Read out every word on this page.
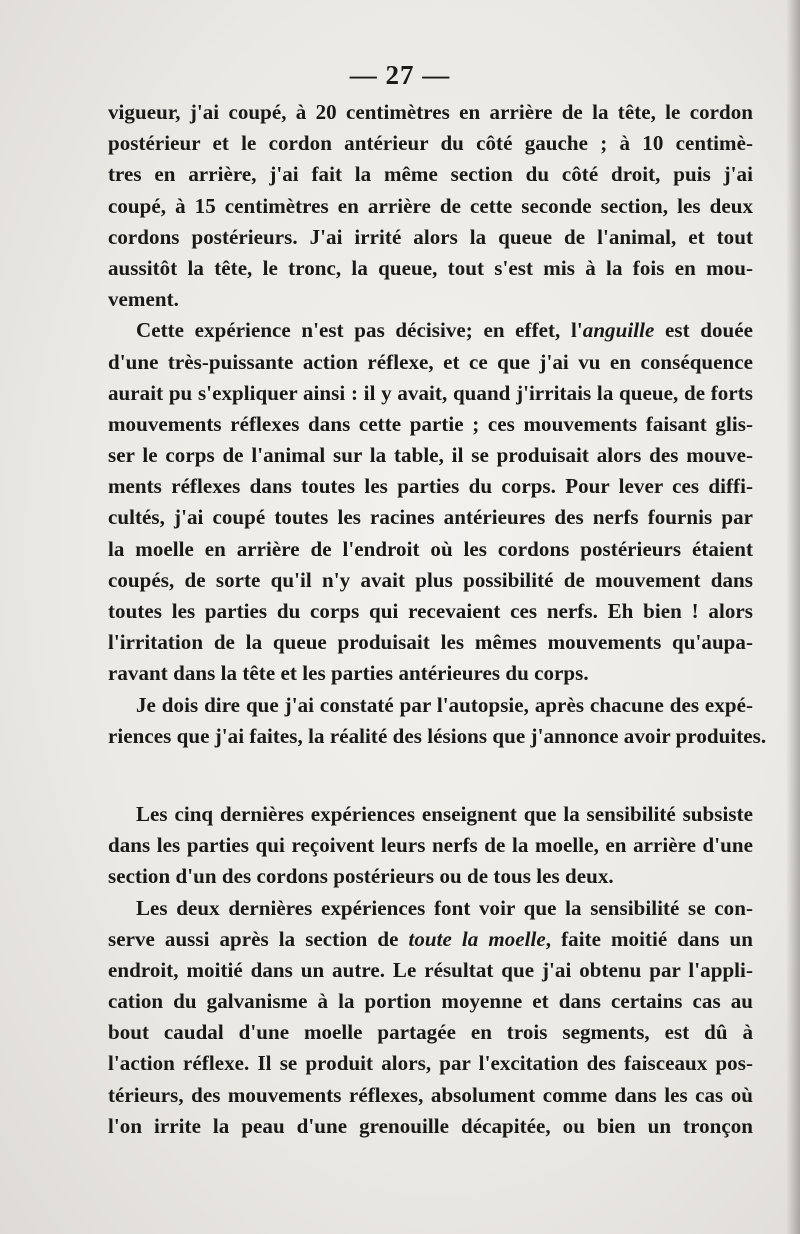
— 27 —
vigueur, j'ai coupé, à 20 centimètres en arrière de la tête, le cordon
postérieur et le cordon antérieur du côté gauche ; à 10 centimè-
tres en arrière, j'ai fait la même section du côté droit, puis j'ai
coupé, à 15 centimètres en arrière de cette seconde section, les deux
cordons postérieurs. J'ai irrité alors la queue de l'animal, et tout
aussitôt la tête, le tronc, la queue, tout s'est mis à la fois en mou-
vement.
Cette expérience n'est pas décisive; en effet, l'anguille est douée
d'une très-puissante action réflexe, et ce que j'ai vu en conséquence
aurait pu s'expliquer ainsi : il y avait, quand j'irritais la queue, de forts
mouvements réflexes dans cette partie ; ces mouvements faisant glis-
ser le corps de l'animal sur la table, il se produisait alors des mouve-
ments réflexes dans toutes les parties du corps. Pour lever ces diffi-
cultés, j'ai coupé toutes les racines antérieures des nerfs fournis par
la moelle en arrière de l'endroit où les cordons postérieurs étaient
coupés, de sorte qu'il n'y avait plus possibilité de mouvement dans
toutes les parties du corps qui recevaient ces nerfs. Eh bien ! alors
l'irritation de la queue produisait les mêmes mouvements qu'aupa-
ravant dans la tête et les parties antérieures du corps.
Je dois dire que j'ai constaté par l'autopsie, après chacune des expé-
riences que j'ai faites, la réalité des lésions que j'annonce avoir produites.
Les cinq dernières expériences enseignent que la sensibilité subsiste
dans les parties qui reçoivent leurs nerfs de la moelle, en arrière d'une
section d'un des cordons postérieurs ou de tous les deux.
Les deux dernières expériences font voir que la sensibilité se con-
serve aussi après la section de toute la moelle, faite moitié dans un
endroit, moitié dans un autre. Le résultat que j'ai obtenu par l'appli-
cation du galvanisme à la portion moyenne et dans certains cas au
bout caudal d'une moelle partagée en trois segments, est dû à
l'action réflexe. Il se produit alors, par l'excitation des faisceaux pos-
térieurs, des mouvements réflexes, absolument comme dans les cas où
l'on irrite la peau d'une grenouille décapitée, ou bien un tronçon
